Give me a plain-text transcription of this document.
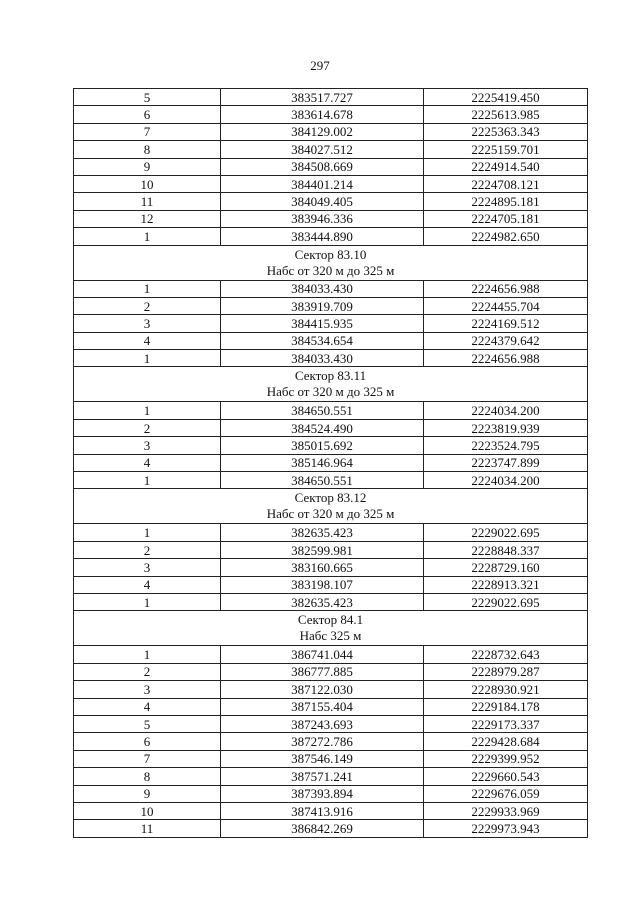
297
5	383517.727	2225419.450
6	383614.678	2225613.985
7	384129.002	2225363.343
8	384027.512	2225159.701
9	384508.669	2224914.540
10	384401.214	2224708.121
11	384049.405	2224895.181
12	383946.336	2224705.181
1	383444.890	2224982.650

Сектор 83.10
Набс от 320 м до 325 м		

1	384033.430	2224656.988
2	383919.709	2224455.704
3	384415.935	2224169.512
4	384534.654	2224379.642
1	384033.430	2224656.988

Сектор 83.11
Набс от 320 м до 325 м		

1	384650.551	2224034.200
2	384524.490	2223819.939
3	385015.692	2223524.795
4	385146.964	2223747.899
1	384650.551	2224034.200

Сектор 83.12
Набс от 320 м до 325 м		

1	382635.423	2229022.695
2	382599.981	2228848.337
3	383160.665	2228729.160
4	383198.107	2228913.321
1	382635.423	2229022.695

Сектор 84.1
Набс 325 м		

1	386741.044	2228732.643
2	386777.885	2228979.287
3	387122.030	2228930.921
4	387155.404	2229184.178
5	387243.693	2229173.337
6	387272.786	2229428.684
7	387546.149	2229399.952
8	387571.241	2229660.543
9	387393.894	2229676.059
10	387413.916	2229933.969
11	386842.269	2229973.943
